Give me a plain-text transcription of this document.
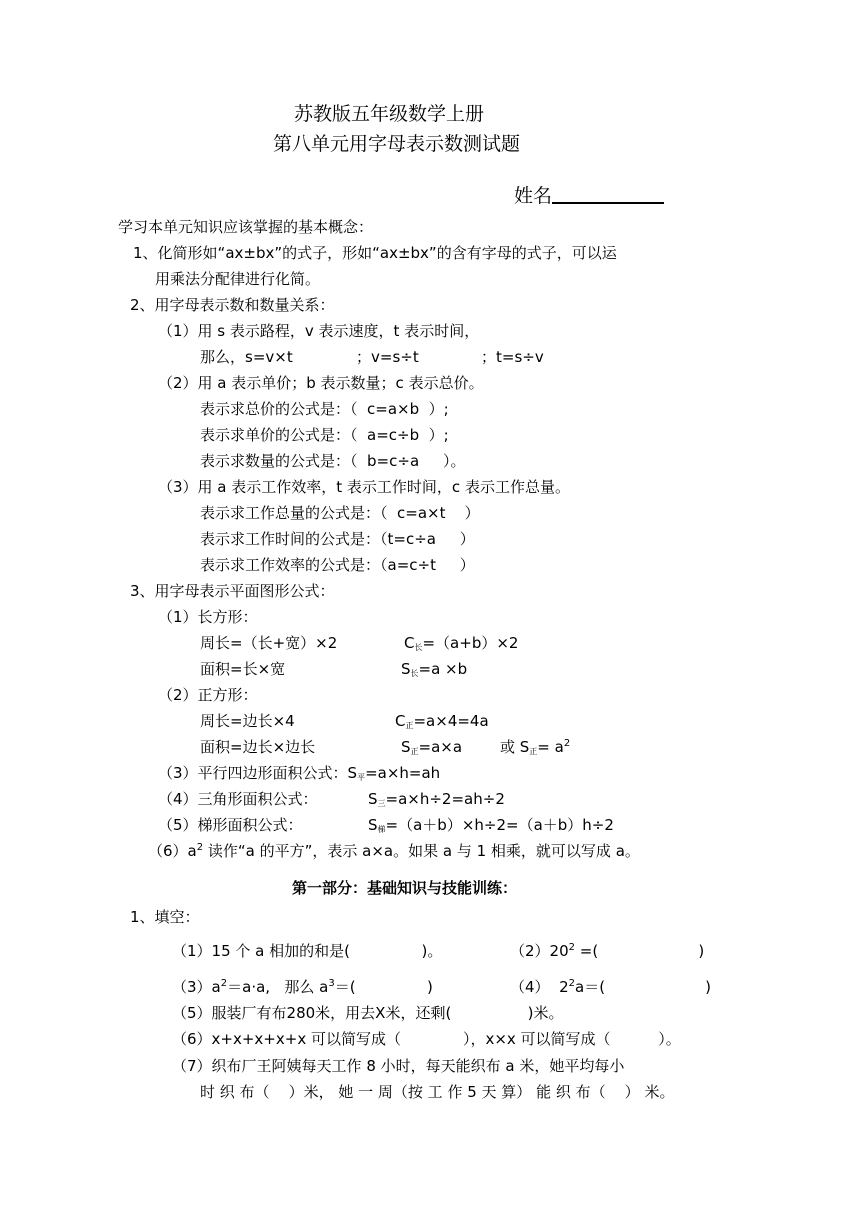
苏教版五年级数学上册
第八单元用字母表示数测试题
姓名
学习本单元知识应该掌握的基本概念：
1、化简形如“ax±bx”的式子，形如“ax±bx”的含有字母的式子，可以运
用乘法分配律进行化简。
2、用字母表示数和数量关系：
（1）用 s 表示路程，v 表示速度，t 表示时间，
那么，s=v×t	；v=s÷t	；t=s÷v
（2）用 a 表示单价；b 表示数量；c 表示总价。
表示求总价的公式是：（  c=a×b  ）;
表示求单价的公式是：（  a=c÷b  ）;
表示求数量的公式是：（  b=c÷a     ）。
（3）用 a 表示工作效率，t 表示工作时间，c 表示工作总量。
表示求工作总量的公式是：（  c=a×t    ）
表示求工作时间的公式是：（t=c÷a     ）
表示求工作效率的公式是：（a=c÷t     ）
3、用字母表示平面图形公式：
（1）长方形：
周长=（长+宽）×2	$C_长=(a+b)\times 2$
面积=长×宽	$S_长=a \times b$
（2）正方形：
周长=边长×4	$C_正=a\times 4=4a$
面积=边长×边长	$S_正=a\times a$	或 $S_正= a^2$
（3）平行四边形面积公式：$S_平=a\times h=ah$
（4）三角形面积公式：	$S_三=a\times h\div 2=ah\div 2$
（5）梯形面积公式：	$S_梯=(a+b)\times h\div 2=(a+b)h\div 2$
$(6)a^2$ 读作“a 的平方”，表示 a×a。如果 a 与 1 相乘，就可以写成 a。
第一部分：基础知识与技能训练：
1、填空：
（1）15 个 a 相加的和是(               )。	$(2)20^2$ =(                     )
$(3)a^2=a\cdot a$,   那么 $a^3=$(               )	（4）  $2^2a=$(                     )
（5）服装厂有布280米，用去X米，还剩(                )米。
（6）x+x+x+x+x 可以简写成（             ），x×x 可以简写成（          ）。
（7）织布厂王阿姨每天工作 8 小时，每天能织布 a 米，她平均每小
时 织 布（    ）米， 她 一 周（按 工 作 5 天 算） 能 织 布（    ） 米。
